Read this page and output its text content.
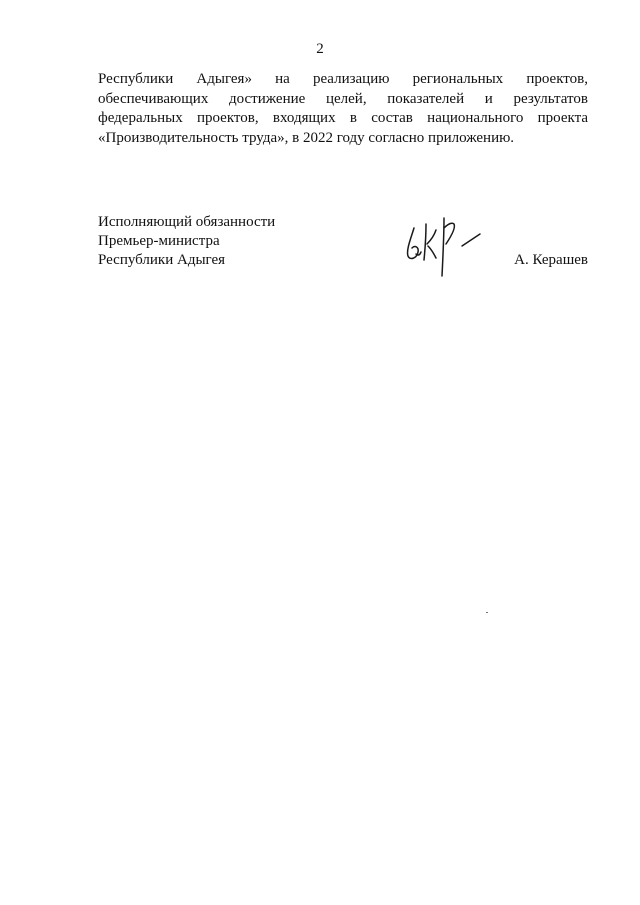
2

Республики Адыгея» на реализацию региональных проектов,
обеспечивающих достижение целей, показателей и результатов
федеральных проектов, входящих в состав национального проекта
«Производительность труда», в 2022 году согласно приложению.

Исполняющий обязанности
Премьер-министра
Республики Адыгея	А. Керашев
